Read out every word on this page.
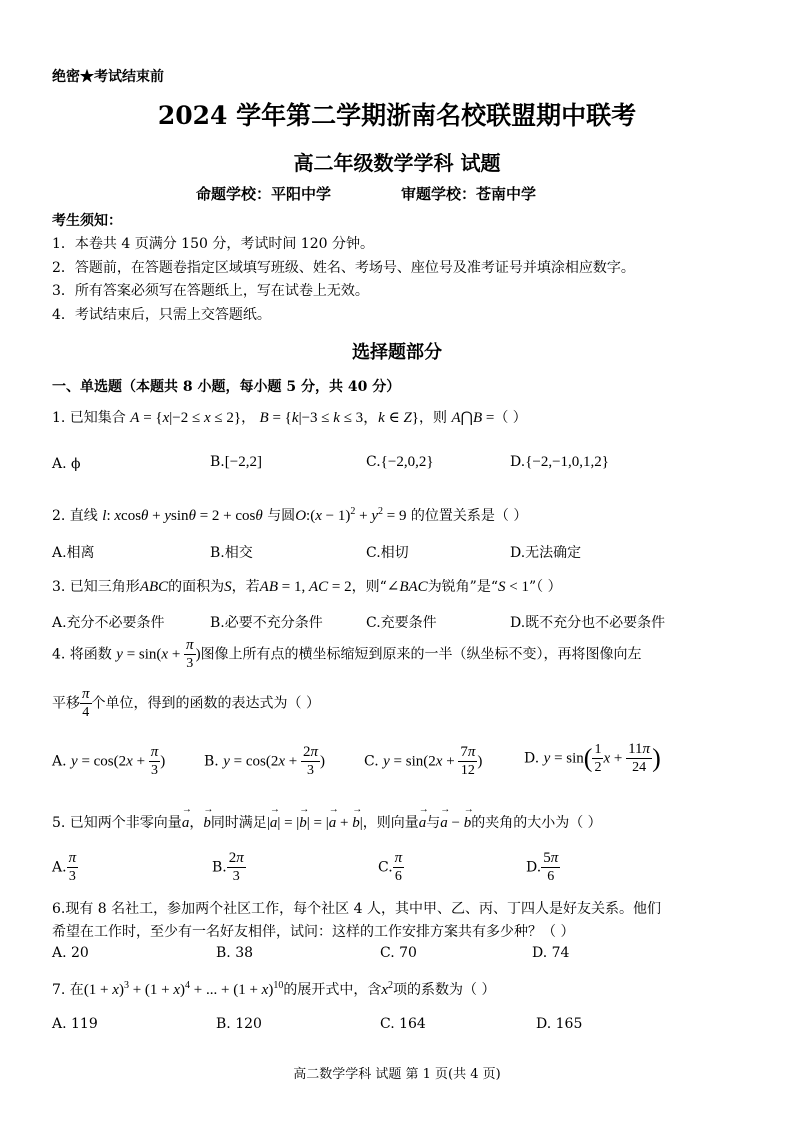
绝密★考试结束前
2024 学年第二学期浙南名校联盟期中联考
高二年级数学学科 试题
命题学校：平阳中学	审题学校：苍南中学
考生须知：
1．本卷共 4 页满分 150 分，考试时间 120 分钟。
2．答题前，在答题卷指定区域填写班级、姓名、考场号、座位号及准考证号并填涂相应数字。
3．所有答案必须写在答题纸上，写在试卷上无效。
4．考试结束后，只需上交答题纸。
选择题部分
一、单选题（本题共 8 小题，每小题 5 分，共 40 分）
1. 已知集合 A = {x|−2 ≤ x ≤ 2}， B = {k|−3 ≤ k ≤ 3，k ∈ Z}，则 A⋂B =（ ）
A. ϕ	B.[−2,2]	C.{−2,0,2}	D.{−2,−1,0,1,2}
2. 直线 l: xcosθ + ysinθ = 2 + cosθ 与圆O:(x − $1)^2 + y^2 = 9$ 的位置关系是（ ）
A.相离	B.相交	C.相切	D.无法确定
3. 已知三角形ABC的面积为S，若AB = 1, AC = 2，则“∠BAC为锐角”是“S < 1”（ ）
A.充分不必要条件	B.必要不充分条件	C.充要条件	D.既不充分也不必要条件
4. 将函数 $y = \sin(x + \frac{\pi}{3}$ )图像上所有点的横坐标缩短到原来的一半（纵坐标不变），再将图像向左
平移 $\frac{\pi}{4}$ 个单位，得到的函数的表达式为（ ）
A. $y = \cos(2x + \frac{\pi}{3}$ )	B. $y = \cos(2x + \frac{2\pi}{3}$ )	C. $y = \sin(2x + \frac{7\pi}{12}$ )	D. $y = \sin( \frac{1}{2}$ $x + \frac{11\pi}{24}$ )
5. 已知两个非零向量→ a，→ b同时满足|→ a| = |→ b| = |→ a + → b|，则向量→ a与→ a − → b的夹角的大小为（ ）
A. $\frac{\pi}{3}$	B. $\frac{2\pi}{3}$	C. $\frac{\pi}{6}$	D. $\frac{5\pi}{6}$
6.现有 8 名社工，参加两个社区工作，每个社区 4 人，其中甲、乙、丙、丁四人是好友关系。他们
希望在工作时，至少有一名好友相伴，试问：这样的工作安排方案共有多少种？（ ）
A. 20	B. 38	C. 70	D. 74
7. 在$(1 + x)^3 + (1 + x)^4$ + ... + $(1 + x)^{10}$的展开式中，含$x^2$项的系数为（ ）
A. 119	B. 120	C. 164	D. 165
高二数学学科 试题 第 1 页(共 4 页)
